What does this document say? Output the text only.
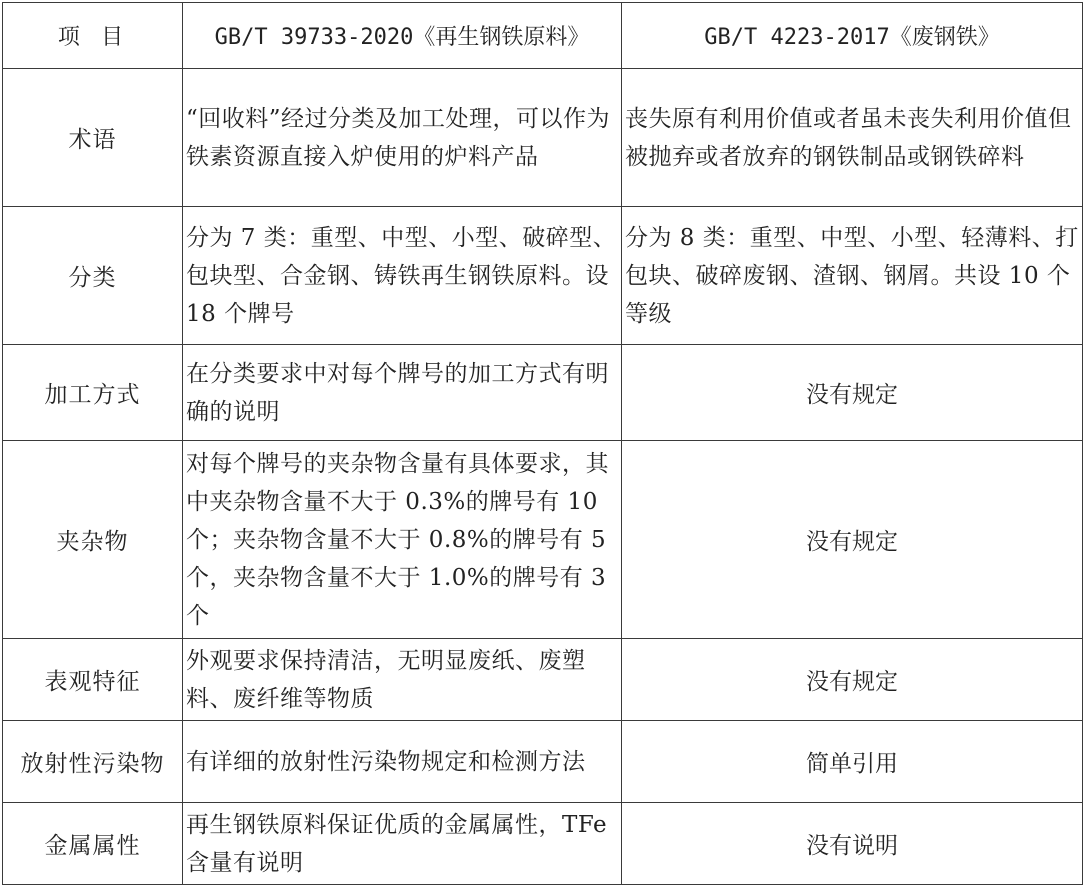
项 目	GB/T 39733-2020《再生钢铁原料》	GB/T 4223-2017《废钢铁》
术语	“回收料”经过分类及加工处理，可以作为铁素资源直接入炉使用的炉料产品	丧失原有利用价值或者虽未丧失利用价值但被抛弃或者放弃的钢铁制品或钢铁碎料
分类	分为 7 类：重型、中型、小型、破碎型、包块型、合金钢、铸铁再生钢铁原料。设 18 个牌号	分为 8 类：重型、中型、小型、轻薄料、打包块、破碎废钢、渣钢、钢屑。共设 10 个等级
加工方式	在分类要求中对每个牌号的加工方式有明确的说明	没有规定
夹杂物	对每个牌号的夹杂物含量有具体要求，其中夹杂物含量不大于 0.3%的牌号有 10 个；夹杂物含量不大于 0.8%的牌号有 5 个，夹杂物含量不大于 1.0%的牌号有 3 个	没有规定
表观特征	外观要求保持清洁，无明显废纸、废塑料、废纤维等物质	没有规定
放射性污染物	有详细的放射性污染物规定和检测方法	简单引用
金属属性	再生钢铁原料保证优质的金属属性，TFe 含量有说明	没有说明
